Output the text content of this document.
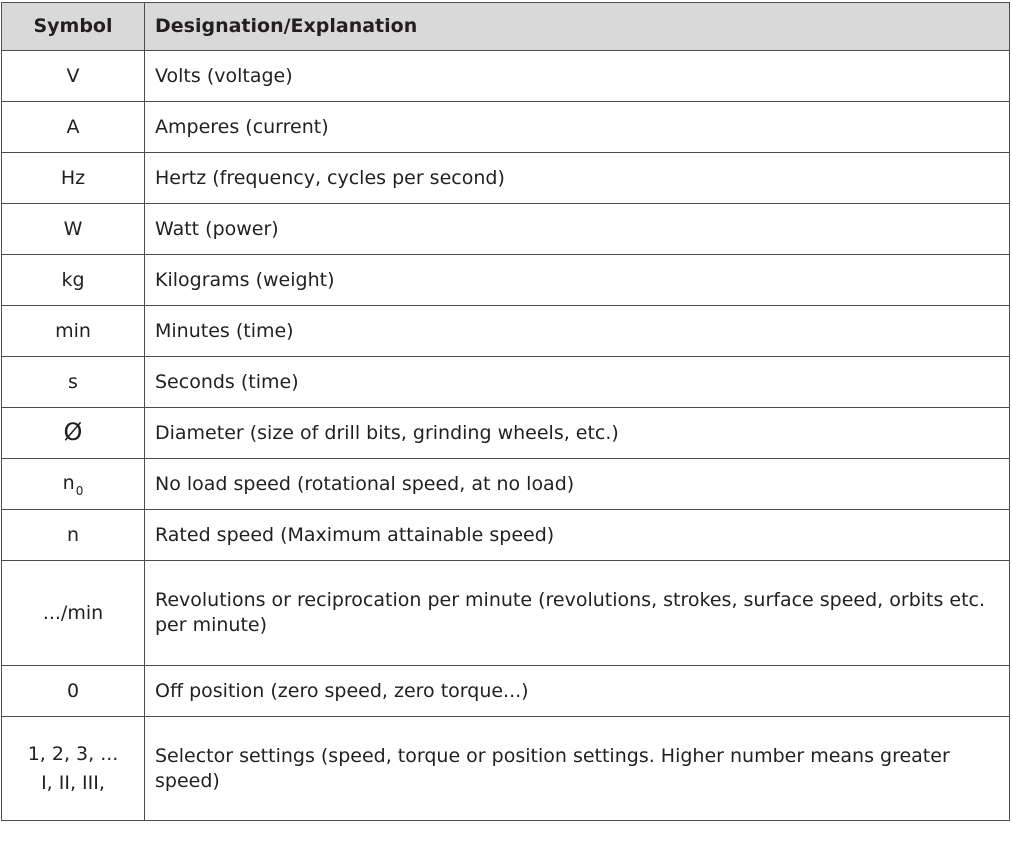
Symbol	Designation/Explanation
V	Volts (voltage)
A	Amperes (current)
Hz	Hertz (frequency, cycles per second)
W	Watt (power)
kg	Kilograms (weight)
min	Minutes (time)
s	Seconds (time)
Ø	Diameter (size of drill bits, grinding wheels, etc.)
$n_0$	No load speed (rotational speed, at no load)
n	Rated speed (Maximum attainable speed)
.../min	Revolutions or reciprocation per minute (revolutions, strokes, surface speed, orbits etc. per minute)
0	Off position (zero speed, zero torque...)

1, 2, 3, ...
I, II, III,	Selector settings (speed, torque or position settings. Higher number means greater speed)
